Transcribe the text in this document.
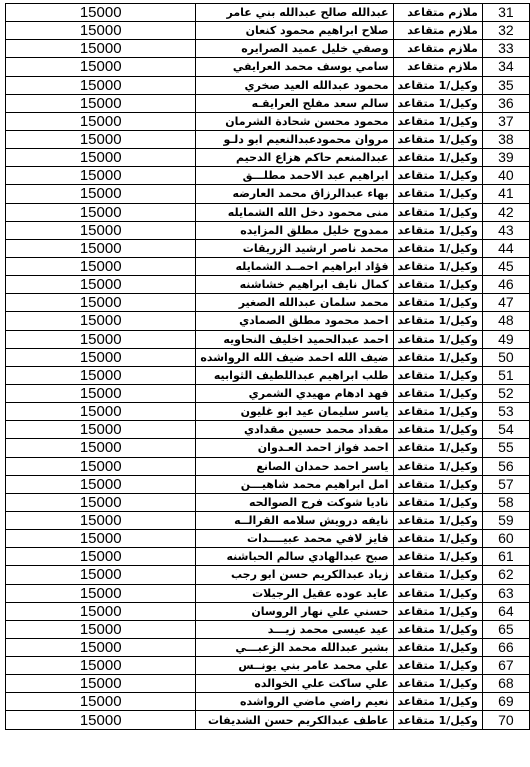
31	ملازم متقاعد	عبدالله صالح عبدالله بني عامر	15000
32	ملازم متقاعد	صلاح ابراهيم محمود كنعان	15000
33	ملازم متقاعد	وصفي خليل عميد الصرايره	15000
34	ملازم متقاعد	سامي يوسف محمد العرايفي	15000
35	وكيل/1 متقاعد	محمود عبدالله العيد صخري	15000
36	وكيل/1 متقاعد	سالم سعد مفلح العرايقـه	15000
37	وكيل/1 متقاعد	محمود محسن شحادة الشرمان	15000
38	وكيل/1 متقاعد	مروان محمودعبدالنعيم ابو دلـو	15000
39	وكيل/1 متقاعد	عبدالمنعم حاكم هزاع الدحيم	15000
40	وكيل/1 متقاعد	ابراهيم عبد الاحمد مطلـــق	15000
41	وكيل/1 متقاعد	بهاء عبدالرزاق محمد العارضه	15000
42	وكيل/1 متقاعد	منى محمود دخل الله الشمايله	15000
43	وكيل/1 متقاعد	ممدوح خليل مطلق المزايده	15000
44	وكيل/1 متقاعد	محمد ناصر ارشيد الزريقات	15000
45	وكيل/1 متقاعد	فؤاد ابراهيم احمــد الشمايله	15000
46	وكيل/1 متقاعد	كمال نايف ابراهيم خشاشنه	15000
47	وكيل/1 متقاعد	محمد سلمان عبدالله الصغير	15000
48	وكيل/1 متقاعد	احمد محمود مطلق الصمادي	15000
49	وكيل/1 متقاعد	احمد عبدالحميد اخليف النحاويه	15000
50	وكيل/1 متقاعد	ضيف الله احمد ضيف الله الرواشده	15000
51	وكيل/1 متقاعد	طلب ابراهيم عبداللطيف الثوابيه	15000
52	وكيل/1 متقاعد	فهد ادهام مهيدي الشمري	15000
53	وكيل/1 متقاعد	ياسر سليمان عيد ابو غليون	15000
54	وكيل/1 متقاعد	مقداد محمد حسين مقدادي	15000
55	وكيل/1 متقاعد	احمد فواز احمد العـدوان	15000
56	وكيل/1 متقاعد	ياسر احمد حمدان الصانع	15000
57	وكيل/1 متقاعد	امل ابراهيم محمد شاهيـــن	15000
58	وكيل/1 متقاعد	ناديا شوكت فرح الصوالحه	15000
59	وكيل/1 متقاعد	نايفه درويش سلامه القرالــه	15000
60	وكيل/1 متقاعد	فايز لافي محمد عبيــــدات	15000
61	وكيل/1 متقاعد	صبح عبدالهادي سالم الحباشنه	15000
62	وكيل/1 متقاعد	زياد عبدالكريم حسن ابو رجب	15000
63	وكيل/1 متقاعد	عايد عوده عقيل الرجيلات	15000
64	وكيل/1 متقاعد	حسني علي نهار الروسان	15000
65	وكيل/1 متقاعد	عيد عيسى محمد زيـــد	15000
66	وكيل/1 متقاعد	بشير عبدالله محمد الزعبـــي	15000
67	وكيل/1 متقاعد	علي محمد عامر بني يونــس	15000
68	وكيل/1 متقاعد	علي ساكت علي الخوالده	15000
69	وكيل/1 متقاعد	نعيم راضي ماضي الرواشده	15000
70	وكيل/1 متقاعد	عاطف عبدالكريم حسن الشديفات	15000
